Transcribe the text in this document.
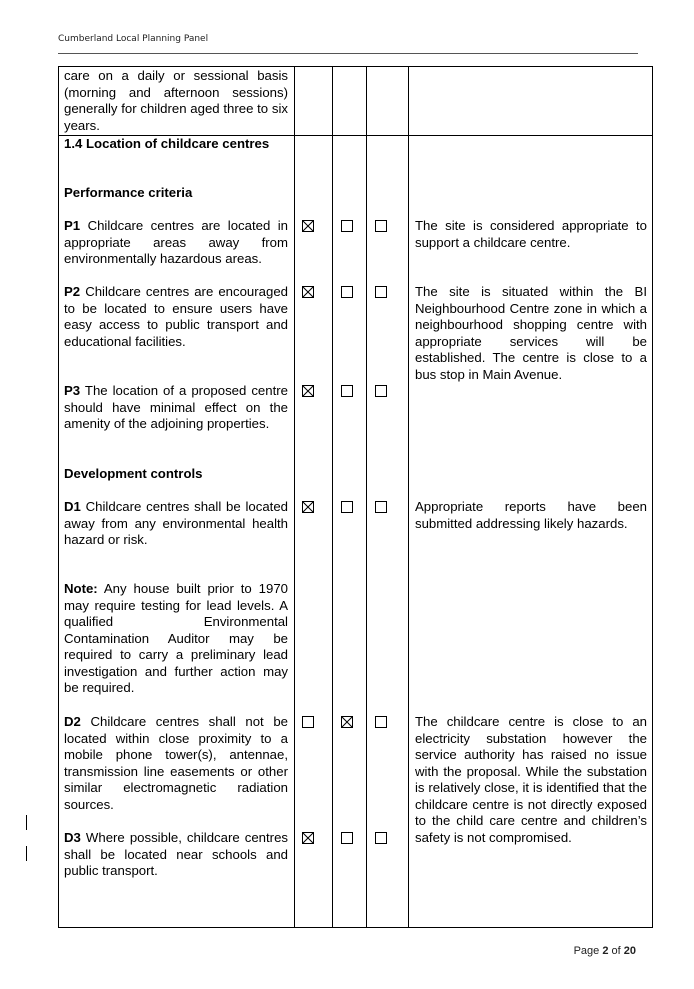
Cumberland Local Planning Panel
care on a daily or sessional basis (morning and afternoon sessions) generally for children aged three to six years.
1.4 Location of childcare centres
Performance criteria
P1 Childcare centres are located in appropriate areas away from environmentally hazardous areas.
The site is considered appropriate to support a childcare centre.
P2 Childcare centres are encouraged to be located to ensure users have easy access to public transport and educational facilities.
The site is situated within the BI Neighbourhood Centre zone in which a neighbourhood shopping centre with appropriate services will be established. The centre is close to a bus stop in Main Avenue.
P3 The location of a proposed centre should have minimal effect on the amenity of the adjoining properties.
Development controls
D1 Childcare centres shall be located away from any environmental health hazard or risk.
Appropriate reports have been submitted addressing likely hazards.
Note: Any house built prior to 1970 may require testing for lead levels. A qualified Environmental Contamination Auditor may be required to carry a preliminary lead investigation and further action may be required.
D2 Childcare centres shall not be located within close proximity to a mobile phone tower(s), antennae, transmission line easements or other similar electromagnetic radiation sources.
The childcare centre is close to an electricity substation however the service authority has raised no issue with the proposal. While the substation is relatively close, it is identified that the childcare centre is not directly exposed to the child care centre and children’s safety is not compromised.
D3 Where possible, childcare centres shall be located near schools and public transport.
Page 2 of 20
